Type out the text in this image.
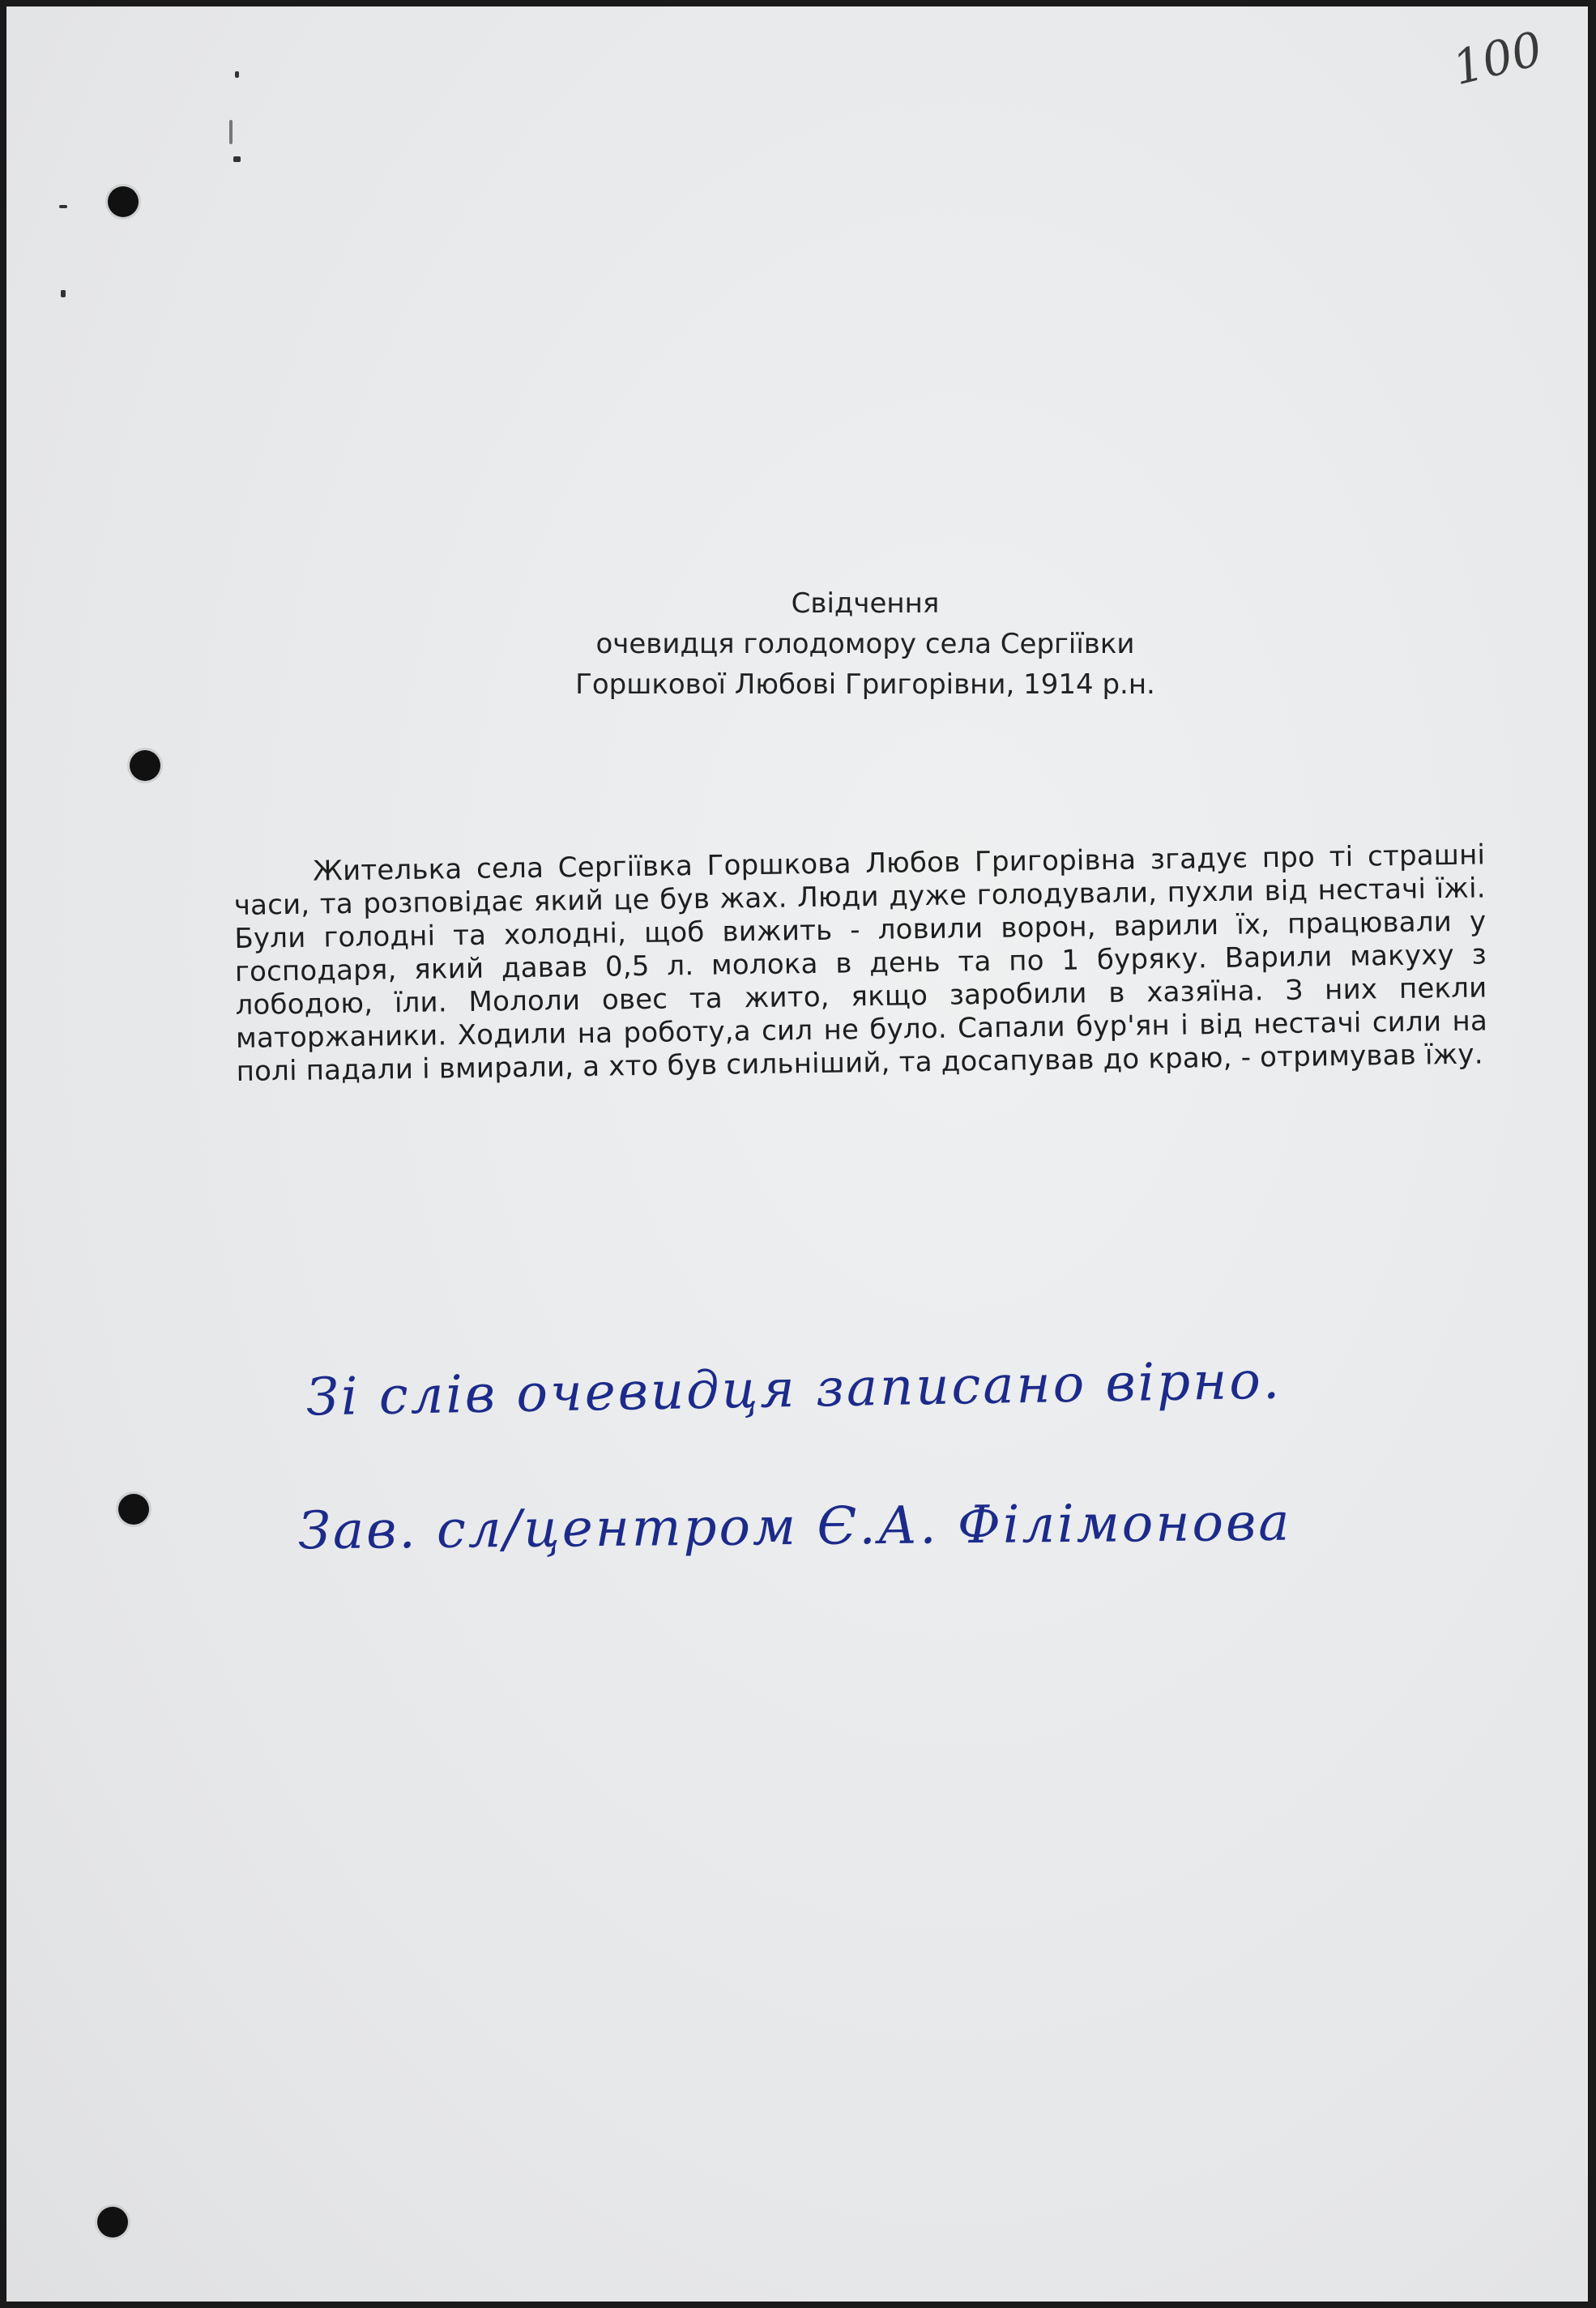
100
Свідчення
очевидця голодомору села Сергіївки
Горшкової Любові Григорівни, 1914 р.н.

Жителька села Сергіївка Горшкова Любов Григорівна згадує про ті страшні часи, та розповідає який це був жах. Люди дуже голодували, пухли від нестачі їжі. Були голодні та холодні, щоб вижить - ловили ворон, варили їх, працювали у господаря, який давав 0,5 л. молока в день та по 1 буряку. Варили макуху з лободою, їли. Мололи овес та жито, якщо заробили в хазяїна. З них пекли маторжаники. Ходили на роботу,а сил не було. Сапали бур'ян і від нестачі сили на полі падали і вмирали, а хто був сильніший, та досапував до краю, - отримував їжу.

Зі слів очевидця записано вірно.
Зав. сл/центром Є.А. Філімонова
